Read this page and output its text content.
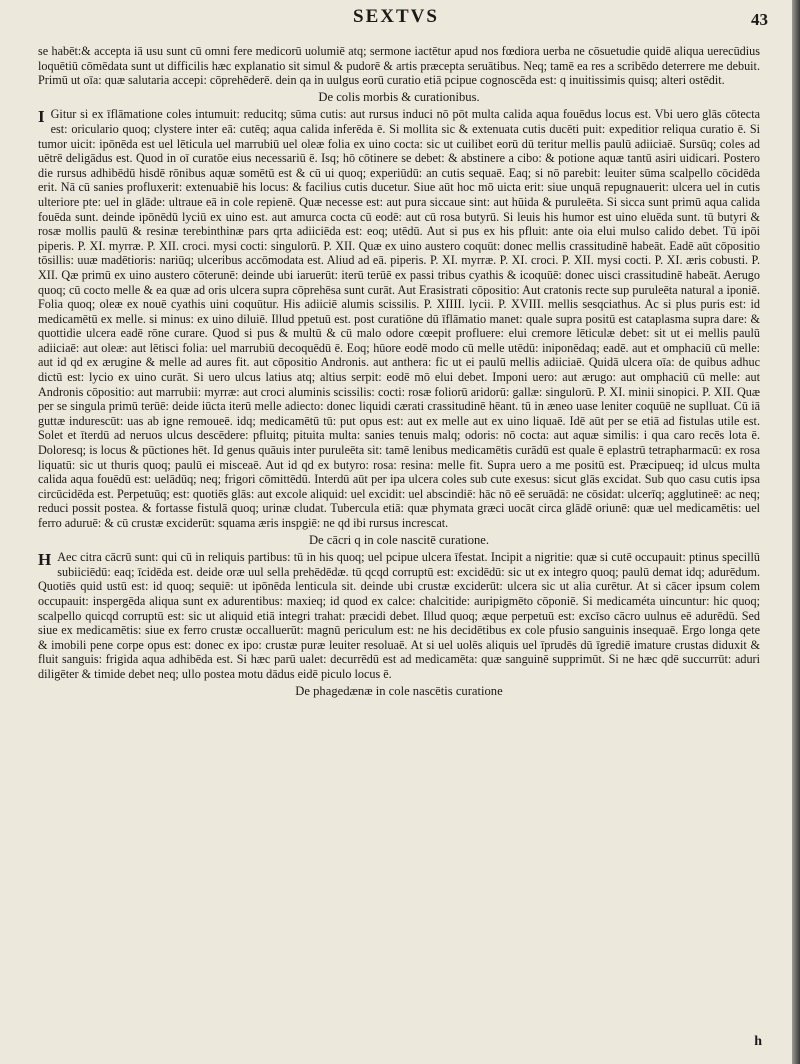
SEXTVS	43

se habēt:& accepta iā usu sunt cū omni fere medicorū uolumiē atq; sermone iactētur apud nos fœdiora uerba ne cōsuetudie quidē aliqua uerecūdius loquētiū cōmēdata sunt ut difficilis hæc explanatio sit simul & pudorē & artis præcepta seruātibus. Neq; tamē ea res a scribēdo deterrere me debuit. Primū ut oīa: quæ salutaria accepi: cōprehēderē. dein qa in uulgus eorū curatio etiā pcipue cognoscēda est: q inuitissimis quisq; alteri ostēdit.

De colis morbis & curationibus.

I Gitur si ex īflāmatione coles intumuit: reducitq; sūma cutis: aut rursus induci nō pōt multa calida aqua fouēdus locus est. Vbi uero glās cōtecta est: oriculario quoq; clystere inter eā: cutēq; aqua calida inferēda ē. Si mollita sic & extenuata cutis ducēti puit: expeditior reliqua curatio ē. Si tumor uicit: ipōnēda est uel lēticula uel marrubiū uel oleæ folia ex uino cocta: sic ut cuilibet eorū dū teritur mellis paulū adiiciaē. Sursūq; coles ad uētrē deligādus est. Quod in oī curatōe eius necessariū ē. Isq; hō cōtinere se debet: & abstinere a cibo: & potione aquæ tantū asiri uidicari. Postero die rursus adhibēdū hisdē rōnibus aquæ somētū est & cū ui quoq; experiūdū: an cutis sequaē. Eaq; si nō parebit: leuiter sūma scalpello cōcidēda erit. Nā cū sanies profluxerit: extenuabiē his locus: & facilius cutis ducetur. Siue aūt hoc mō uicta erit: siue unquā repugnauerit: ulcera uel in cutis ulteriore pte: uel in glāde: ultraue eā in cole repienē. Quæ necesse est: aut pura siccaue sint: aut hūida & puruleēta. Si sicca sunt primū aqua calida fouēda sunt. deinde ipōnēdū lyciū ex uino est. aut amurca cocta cū eodē: aut cū rosa butyrū. Si leuis his humor est uino eluēda sunt. tū butyri & rosæ mollis paulū & resinæ terebinthinæ pars qrta adiiciēda est: eoq; utēdū. Aut si pus ex his pfluit: ante oia elui mulso calido debet. Tū ipōi piperis. P. XI. myrræ. P. XII. croci. mysi cocti: singulorū. P. XII. Quæ ex uino austero coquūt: donec mellis crassitudinē habeāt. Eadē aūt cōpositio tōsillis: uuæ madētioris: nariūq; ulceribus accōmodata est. Aliud ad eā. piperis. P. XI. myrræ. P. XI. croci. P. XII. mysi cocti. P. XI. æris cobusti. P. XII. Qæ primū ex uino austero cōterunē: deinde ubi iaruerūt: iterū terūē ex passi tribus cyathis & icoquūē: donec uisci crassitudinē habeāt. Aerugo quoq; cū cocto melle & ea quæ ad oris ulcera supra cōprehēsa sunt curāt. Aut Erasistrati cōpositio: Aut cratonis recte sup puruleēta natural a iponiē. Folia quoq; oleæ ex nouē cyathis uini coquūtur. His adiiciē alumis scissilis. P. XIIII. lycii. P. XVIII. mellis sesqciathus. Ac si plus puris est: id medicamētū ex melle. si minus: ex uino diluiē. Illud ppetuū est. post curatiōne dū īflāmatio manet: quale supra positū est cataplasma supra dare: & quottidie ulcera eadē rōne curare. Quod si pus & multū & cū malo odore cœepit profluere: elui cremore lēticulæ debet: sit ut ei mellis paulū adiiciaē: aut oleæ: aut lētisci folia: uel marrubiū decoquēdū ē. Eoq; hūore eodē modo cū melle utēdū: iniponēdaq; eadē. aut et omphaciū cū melle: aut id qd ex ærugine & melle ad aures fit. aut cōpositio Andronis. aut anthera: fic ut ei paulū mellis adiiciaē. Quidā ulcera oīa: de quibus adhuc dictū est: lycio ex uino curāt. Si uero ulcus latius atq; altius serpit: eodē mō elui debet. Imponi uero: aut ærugo: aut omphaciū cū melle: aut Andronis cōpositio: aut marrubii: myrræ: aut croci aluminis scissilis: cocti: rosæ foliorū aridorū: gallæ: singulorū. P. XI. minii sinopici. P. XII. Quæ per se singula primū terūē: deide iūcta iterū melle adiecto: donec liquidi cærati crassitudinē hēant. tū in æneo uase leniter coquūē ne suplluat. Cū iā guttæ indurescūt: uas ab igne remoueē. idq; medicamētū tū: put opus est: aut ex melle aut ex uino liquaē. Idē aūt per se etiā ad fistulas utile est. Solet et īterdū ad neruos ulcus descēdere: pfluitq; pituita multa: sanies tenuis malq; odoris: nō cocta: aut aquæ similis: i qua caro recēs lota ē. Doloresq; is locus & pūctiones hēt. Id genus quāuis inter puruleēta sit: tamē lenibus medicamētis curādū est quale ē eplastrū tetrapharmacū: ex rosa liquatū: sic ut thuris quoq; paulū ei misceaē. Aut id qd ex butyro: rosa: resina: melle fit. Supra uero a me positū est. Præcipueq; id ulcus multa calida aqua fouēdū est: uelādūq; neq; frigori cōmittēdū. Interdū aūt per ipa ulcera coles sub cute exesus: sicut glās excidat. Sub quo casu cutis ipsa circūcidēda est. Perpetuūq; est: quotiēs glās: aut excole aliquid: uel excidit: uel abscindiē: hāc nō eē seruādā: ne cōsidat: ulcerīq; agglutineē: ac neq; reduci possit postea. & fortasse fistulā quoq; urinæ cludat. Tubercula etiā: quæ phymata græci uocāt circa glādē oriunē: quæ uel medicamētis: uel ferro aduruē: & cū crustæ exciderūt: squama æris inspgiē: ne qd ibi rursus increscat.

De cācri q in cole nascitē curatione.

H Aec citra cācrū sunt: qui cū in reliquis partibus: tū in his quoq; uel pcipue ulcera īfestat. Incipit a nigritie: quæ si cutē occupauit: ptinus specillū subiiciēdū: eaq; īcidēda est. deide oræ uul sella prehēdēdæ. tū qcqd corruptū est: excidēdū: sic ut ex integro quoq; paulū demat idq; adurēdum. Quotiēs quid ustū est: id quoq; sequiē: ut ipōnēda lenticula sit. deinde ubi crustæ exciderūt: ulcera sic ut alia curētur. At si cācer ipsum colem occupauit: inspergēda aliqua sunt ex adurentibus: maxieq; id quod ex calce: chalcitide: auripigmēto cōponiē. Si medicaméta uincuntur: hic quoq; scalpello quicqd corruptū est: sic ut aliquid etiā integri trahat: præcidi debet. Illud quoq; æque perpetuū est: excīso cācro uulnus eē adurēdū. Sed siue ex medicamētis: siue ex ferro crustæ occalluerūt: magnū periculum est: ne his decidētibus ex cole pfusio sanguinis insequaē. Ergo longa qete & imobili pene corpe opus est: donec ex ipo: crustæ puræ leuiter resoluaē. At si uel uolēs aliquis uel īprudēs dū īgrediē imature crustas diduxit & fluit sanguis: frigida aqua adhibēda est. Si hæc parū ualet: decurrēdū est ad medicamēta: quæ sanguinē supprimūt. Si ne hæc qdē succurrūt: aduri diligēter & timide debet neq; ullo postea motu dādus eidē piculo locus ē.

De phagedænæ in cole nascētis curatione
h
